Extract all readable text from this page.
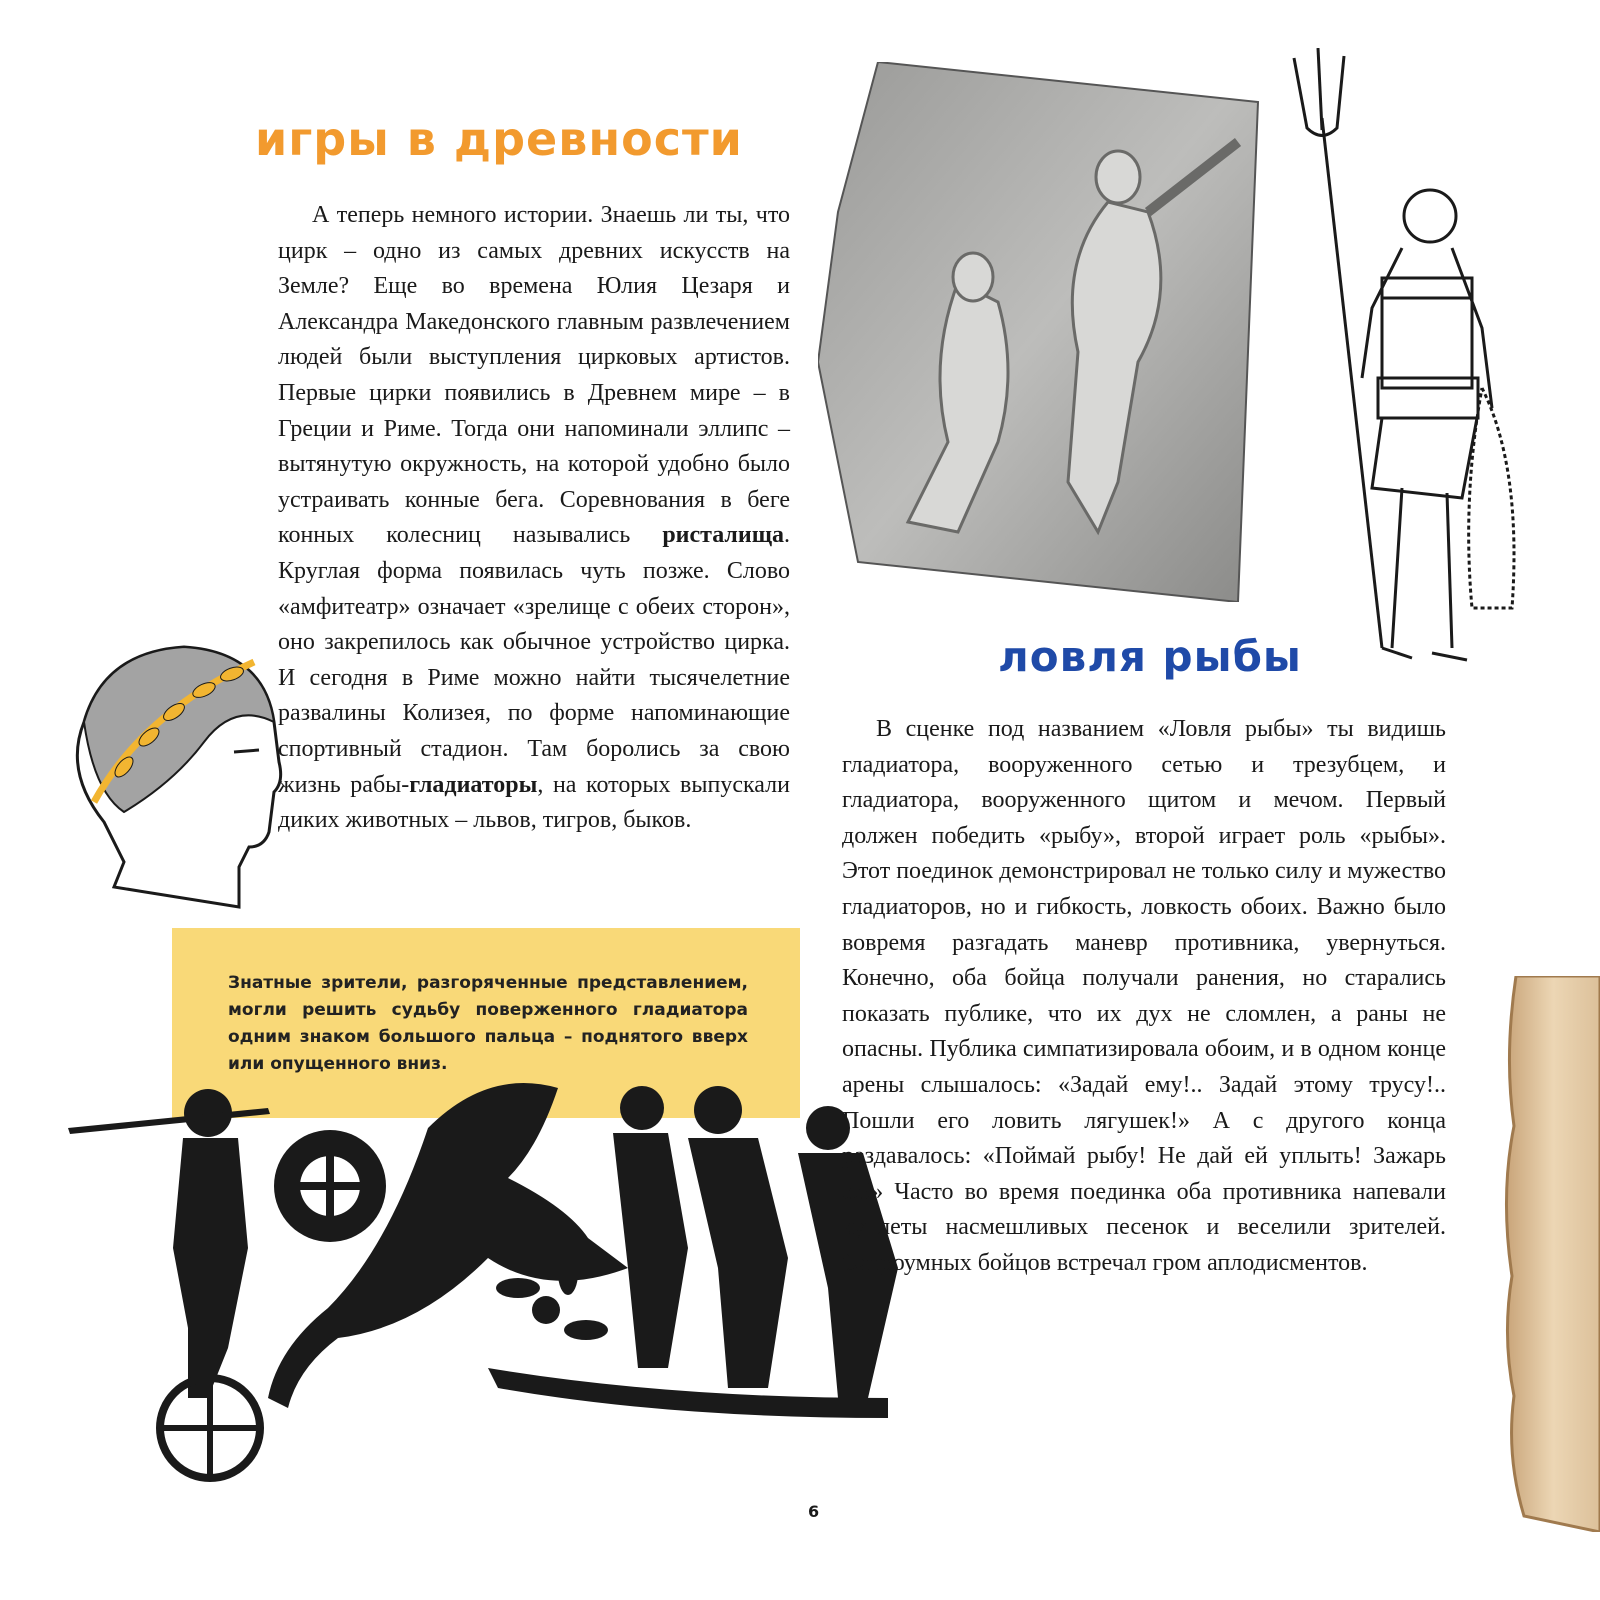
игры в древности
ловля рыбы

А теперь немного истории. Знаешь ли ты, что цирк – одно из самых древних искусств на Земле? Еще во времена Юлия Цезаря и Александра Македонского главным развлечением людей были выступления цирковых артистов. Первые цирки появились в Древнем мире – в Греции и Риме. Тогда они напоминали эллипс – вытянутую окружность, на которой удобно было устраивать конные бега. Соревнования в беге конных колесниц назывались ристалища. Круглая форма появилась чуть позже. Слово «амфитеатр» означает «зрелище с обеих сторон», оно закрепилось как обычное устройство цирка. И сегодня в Риме можно найти тысячелетние развалины Колизея, по форме напоминающие спортивный стадион. Там боролись за свою жизнь рабы-гладиаторы, на которых выпускали диких животных – львов, тигров, быков.

Знатные зрители, разгоряченные представлением, могли решить судьбу поверженного гладиатора одним знаком большого пальца – поднятого вверх или опущенного вниз.

В сценке под названием «Ловля рыбы» ты видишь гладиатора, вооруженного сетью и трезубцем, и гладиатора, вооруженного щитом и мечом. Первый должен победить «рыбу», второй играет роль «рыбы». Этот поединок демонстрировал не только силу и мужество гладиаторов, но и гибкость, ловкость обоих. Важно было вовремя разгадать маневр противника, увернуться. Конечно, оба бойца получали ранения, но старались показать публике, что их дух не сломлен, а раны не опасны. Публика симпатизировала обоим, и в одном конце арены слышалось: «Задай ему!.. Задай этому трусу!.. Пошли его ловить лягушек!» А с другого конца раздавалось: «Поймай рыбу! Не дай ей уплыть! Зажарь ее!» Часто во время поединка оба противника напевали куплеты насмешливых песенок и веселили зрителей. Остроумных бойцов встречал гром аплодисментов.

6
